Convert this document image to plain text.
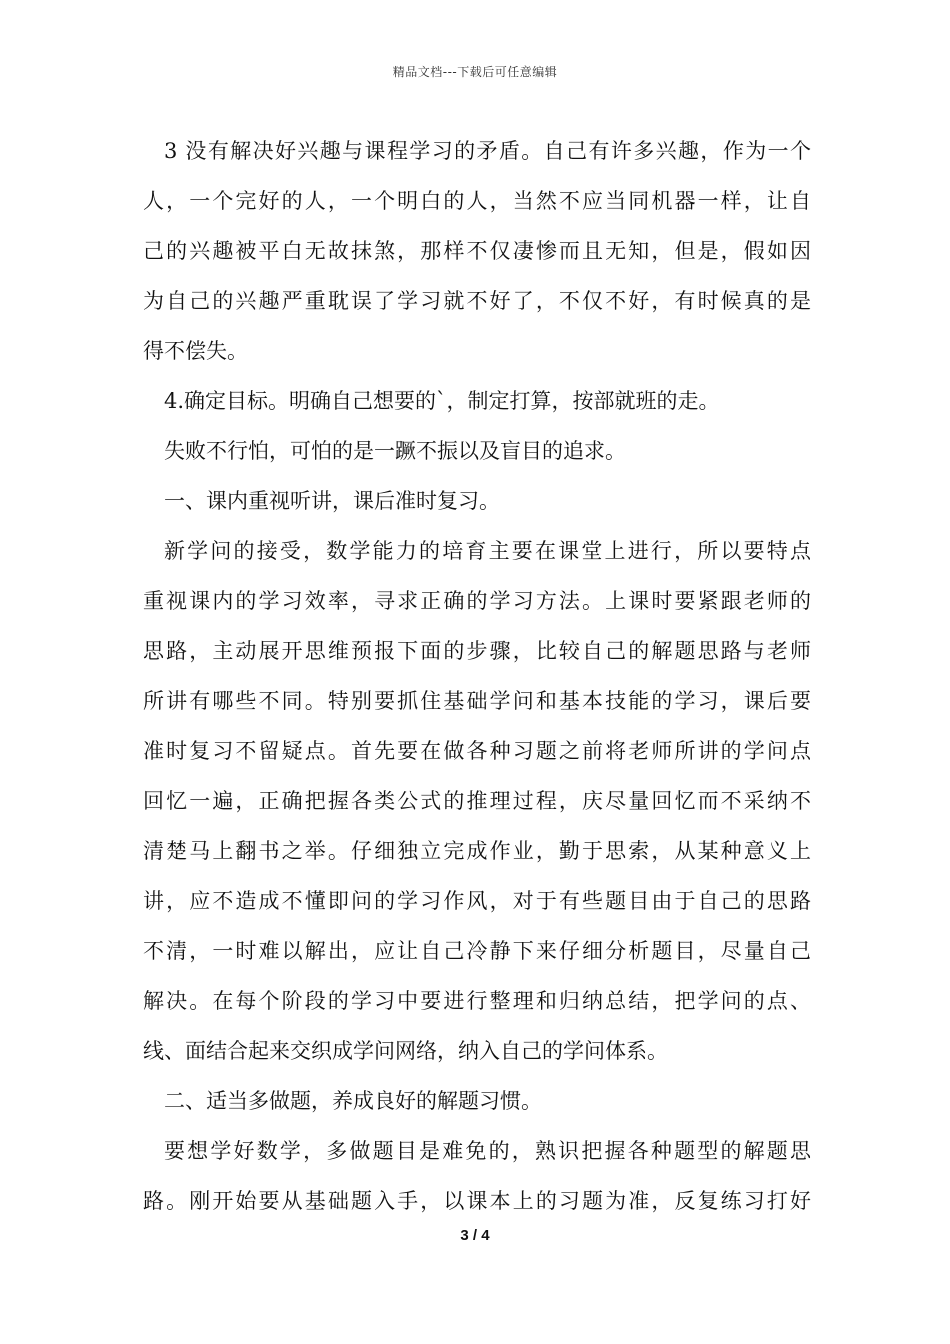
精品文档---下载后可任意编辑
3 没有解决好兴趣与课程学习的矛盾。自己有许多兴趣，作为一个
人，一个完好的人，一个明白的人，当然不应当同机器一样，让自
己的兴趣被平白无故抹煞，那样不仅凄惨而且无知，但是，假如因
为自己的兴趣严重耽误了学习就不好了，不仅不好，有时候真的是
得不偿失。
4.确定目标。明确自己想要的`，制定打算，按部就班的走。
失败不行怕，可怕的是一蹶不振以及盲目的追求。
一、课内重视听讲，课后准时复习。
新学问的接受，数学能力的培育主要在课堂上进行，所以要特点
重视课内的学习效率，寻求正确的学习方法。上课时要紧跟老师的
思路，主动展开思维预报下面的步骤，比较自己的解题思路与老师
所讲有哪些不同。特别要抓住基础学问和基本技能的学习，课后要
准时复习不留疑点。首先要在做各种习题之前将老师所讲的学问点
回忆一遍，正确把握各类公式的推理过程，庆尽量回忆而不采纳不
清楚马上翻书之举。仔细独立完成作业，勤于思索，从某种意义上
讲，应不造成不懂即问的学习作风，对于有些题目由于自己的思路
不清，一时难以解出，应让自己冷静下来仔细分析题目，尽量自己
解决。在每个阶段的学习中要进行整理和归纳总结，把学问的点、
线、面结合起来交织成学问网络，纳入自己的学问体系。
二、适当多做题，养成良好的解题习惯。
要想学好数学，多做题目是难免的，熟识把握各种题型的解题思
路。刚开始要从基础题入手，以课本上的习题为准，反复练习打好
3 / 4
